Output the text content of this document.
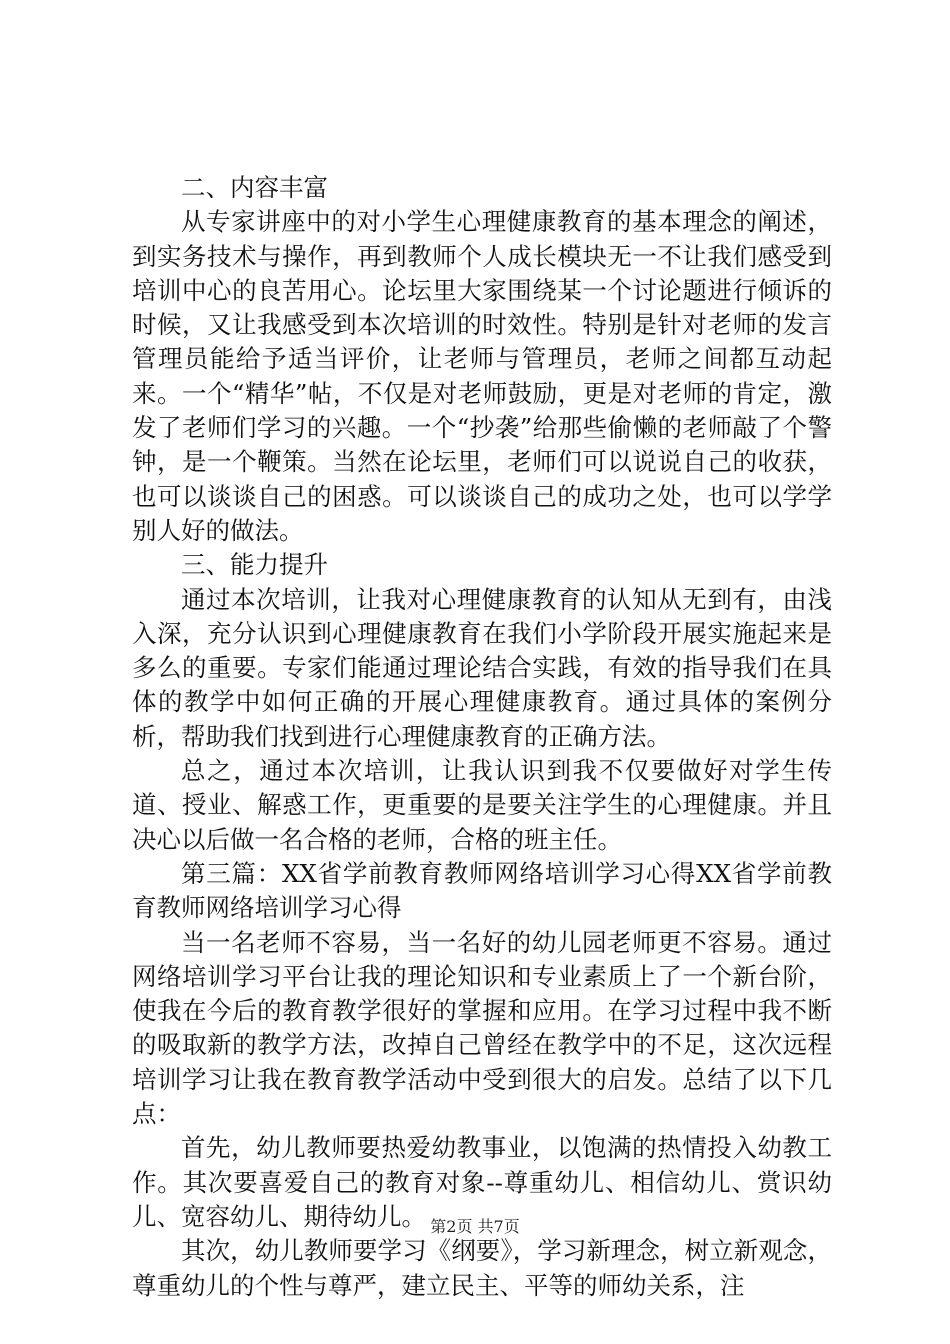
二、内容丰富

从专家讲座中的对小学生心理健康教育的基本理念的阐述，到实务技术与操作，再到教师个人成长模块无一不让我们感受到培训中心的良苦用心。论坛里大家围绕某一个讨论题进行倾诉的时候，又让我感受到本次培训的时效性。特别是针对老师的发言管理员能给予适当评价，让老师与管理员，老师之间都互动起来。一个“精华”帖，不仅是对老师鼓励，更是对老师的肯定，激发了老师们学习的兴趣。一个“抄袭”给那些偷懒的老师敲了个警钟，是一个鞭策。当然在论坛里，老师们可以说说自己的收获，也可以谈谈自己的困惑。可以谈谈自己的成功之处，也可以学学别人好的做法。

三、能力提升

通过本次培训，让我对心理健康教育的认知从无到有，由浅入深，充分认识到心理健康教育在我们小学阶段开展实施起来是多么的重要。专家们能通过理论结合实践，有效的指导我们在具体的教学中如何正确的开展心理健康教育。通过具体的案例分析，帮助我们找到进行心理健康教育的正确方法。

总之，通过本次培训，让我认识到我不仅要做好对学生传道、授业、解惑工作，更重要的是要关注学生的心理健康。并且决心以后做一名合格的老师，合格的班主任。

第三篇：XX省学前教育教师网络培训学习心得XX省学前教育教师网络培训学习心得

当一名老师不容易，当一名好的幼儿园老师更不容易。通过网络培训学习平台让我的理论知识和专业素质上了一个新台阶，使我在今后的教育教学很好的掌握和应用。在学习过程中我不断的吸取新的教学方法，改掉自己曾经在教学中的不足，这次远程培训学习让我在教育教学活动中受到很大的启发。总结了以下几点：

首先，幼儿教师要热爱幼教事业，以饱满的热情投入幼教工作。其次要喜爱自己的教育对象--尊重幼儿、相信幼儿、赏识幼儿、宽容幼儿、期待幼儿。

其次，幼儿教师要学习《纲要》，学习新理念，树立新观念，尊重幼儿的个性与尊严，建立民主、平等的师幼关系，注

第2页 共7页
